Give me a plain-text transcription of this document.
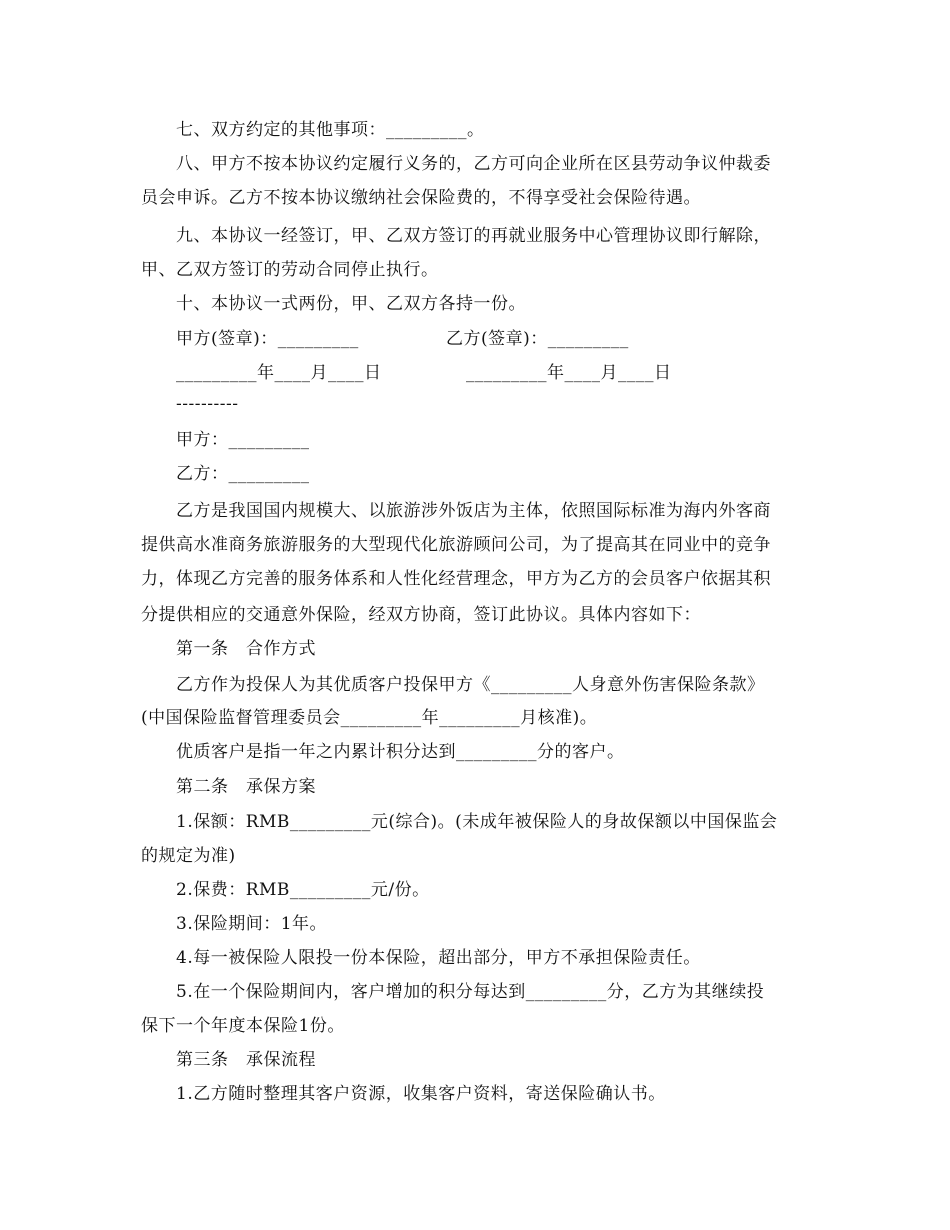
七、双方约定的其他事项：_________。
八、甲方不按本协议约定履行义务的，乙方可向企业所在区县劳动争议仲裁委
员会申诉。乙方不按本协议缴纳社会保险费的，不得享受社会保险待遇。
九、本协议一经签订，甲、乙双方签订的再就业服务中心管理协议即行解除，
甲、乙双方签订的劳动合同停止执行。
十、本协议一式两份，甲、乙双方各持一份。
甲方(签章)：_________	乙方(签章)：_________
_________年____月____日	_________年____月____日
----------
甲方：_________
乙方：_________
乙方是我国国内规模大、以旅游涉外饭店为主体，依照国际标准为海内外客商
提供高水准商务旅游服务的大型现代化旅游顾问公司，为了提高其在同业中的竞争
力，体现乙方完善的服务体系和人性化经营理念，甲方为乙方的会员客户依据其积
分提供相应的交通意外保险，经双方协商，签订此协议。具体内容如下：
第一条　合作方式
乙方作为投保人为其优质客户投保甲方《_________人身意外伤害保险条款》
(中国保险监督管理委员会_________年_________月核准)。
优质客户是指一年之内累计积分达到_________分的客户。
第二条　承保方案
1.保额：RMB_________元(综合)。(未成年被保险人的身故保额以中国保监会
的规定为准)
2.保费：RMB_________元/份。
3.保险期间：1年。
4.每一被保险人限投一份本保险，超出部分，甲方不承担保险责任。
5.在一个保险期间内，客户增加的积分每达到_________分，乙方为其继续投
保下一个年度本保险1份。
第三条　承保流程
1.乙方随时整理其客户资源，收集客户资料，寄送保险确认书。
